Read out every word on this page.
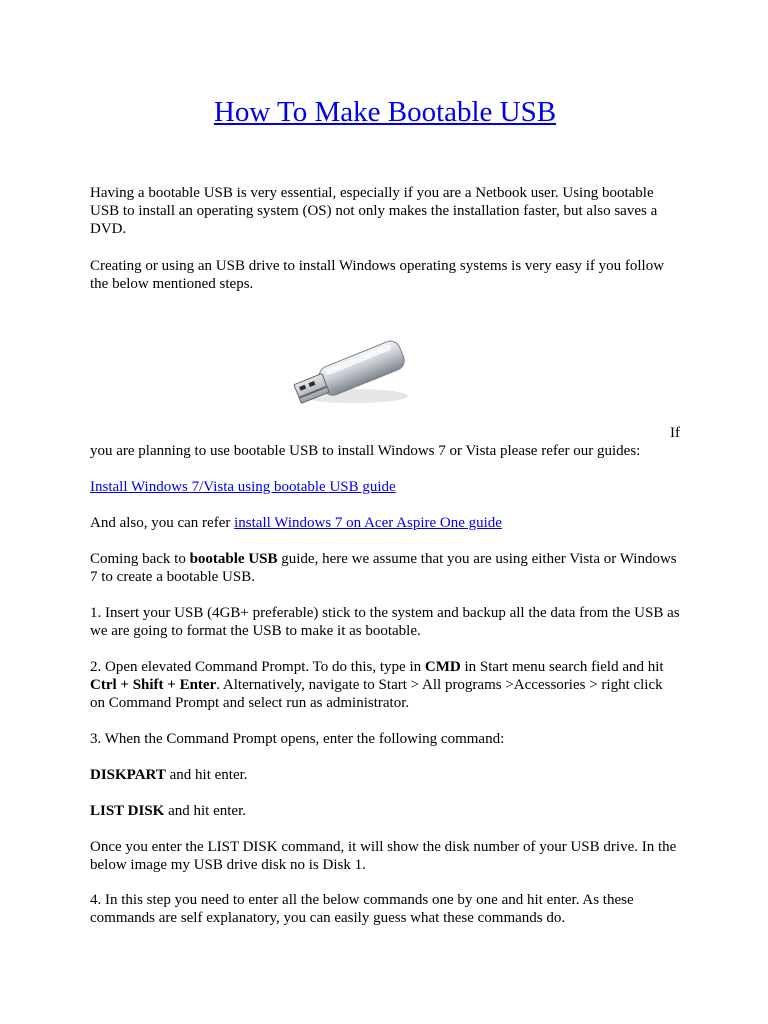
How To Make Bootable USB

Having a bootable USB is very essential, especially if you are a Netbook user. Using bootable USB to install an operating system (OS) not only makes the installation faster, but also saves a DVD.

Creating or using an USB drive to install Windows operating systems is very easy if you follow the below mentioned steps.

If

you are planning to use bootable USB to install Windows 7 or Vista please refer our guides:

Install Windows 7/Vista using bootable USB guide

And also, you can refer install Windows 7 on Acer Aspire One guide

Coming back to bootable USB guide, here we assume that you are using either Vista or Windows 7 to create a bootable USB.

1. Insert your USB (4GB+ preferable) stick to the system and backup all the data from the USB as we are going to format the USB to make it as bootable.

2. Open elevated Command Prompt. To do this, type in CMD in Start menu search field and hit Ctrl + Shift + Enter. Alternatively, navigate to Start > All programs >Accessories > right click on Command Prompt and select run as administrator.

3. When the Command Prompt opens, enter the following command:

DISKPART and hit enter.

LIST DISK and hit enter.

Once you enter the LIST DISK command, it will show the disk number of your USB drive. In the below image my USB drive disk no is Disk 1.

4. In this step you need to enter all the below commands one by one and hit enter. As these commands are self explanatory, you can easily guess what these commands do.
